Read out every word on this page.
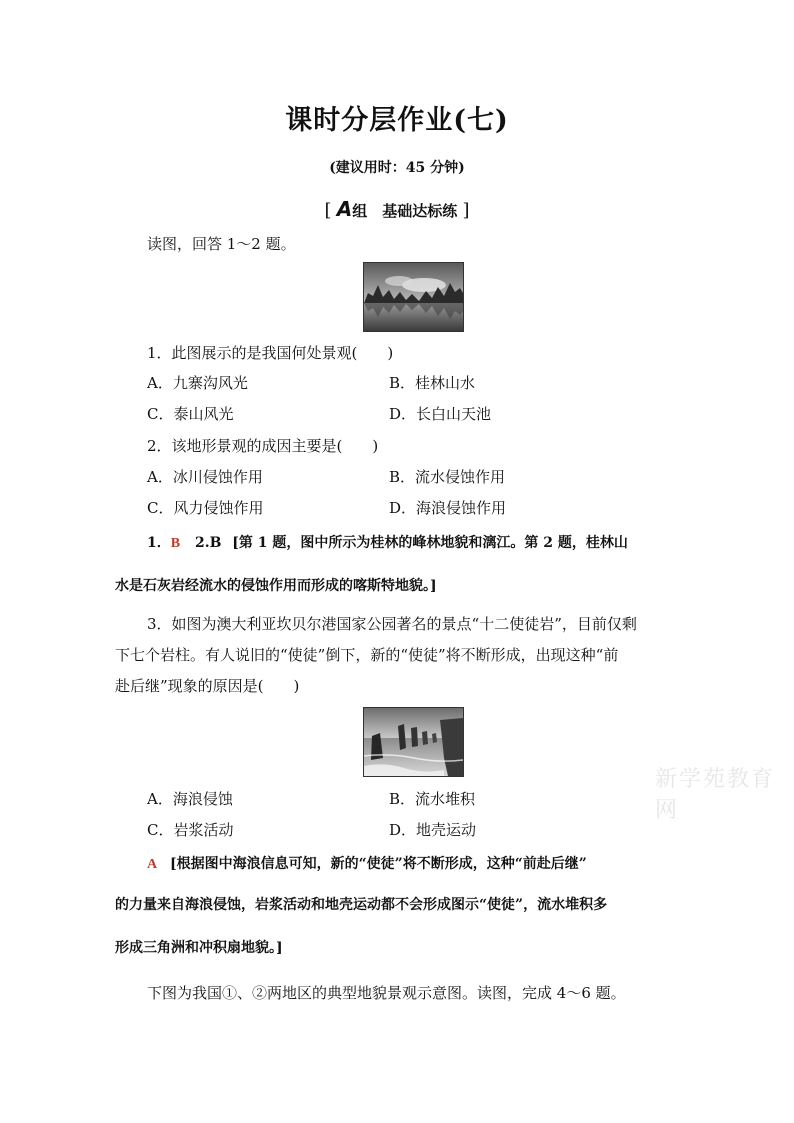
课时分层作业(七)
(建议用时：45 分钟)
[ A组　基础达标练 ]
读图，回答 1～2 题。
1．此图展示的是我国何处景观(　　)
A．九寨沟风光	B．桂林山水
C．泰山风光	D．长白山天池
2．该地形景观的成因主要是(　　)
A．冰川侵蚀作用	B．流水侵蚀作用
C．风力侵蚀作用	D．海浪侵蚀作用
1．B 2.B [第 1 题，图中所示为桂林的峰林地貌和漓江。第 2 题，桂林山
水是石灰岩经流水的侵蚀作用而形成的喀斯特地貌。]
3．如图为澳大利亚坎贝尔港国家公园著名的景点“十二使徒岩”，目前仅剩
下七个岩柱。有人说旧的“使徒”倒下，新的“使徒”将不断形成，出现这种“前
赴后继”现象的原因是(　　)
A．海浪侵蚀	B．流水堆积
C．岩浆活动	D．地壳运动
A [根据图中海浪信息可知，新的“使徒”将不断形成，这种“前赴后继”
的力量来自海浪侵蚀，岩浆活动和地壳运动都不会形成图示“使徒”，流水堆积多
形成三角洲和冲积扇地貌。]
下图为我国①、②两地区的典型地貌景观示意图。读图，完成 4～6 题。
新学苑教育网
